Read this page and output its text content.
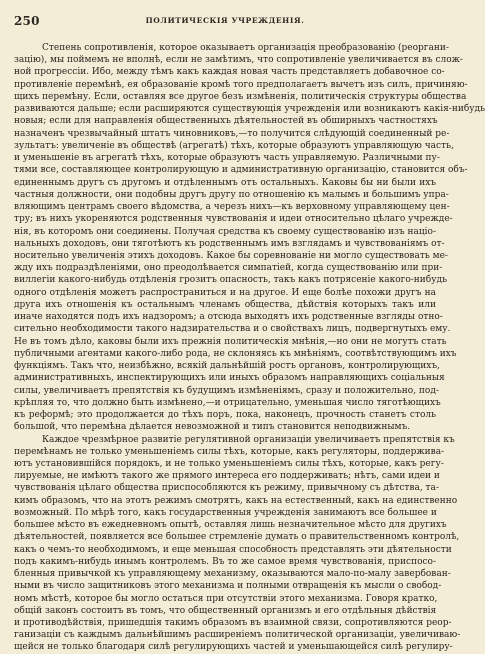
250	ПОЛИТИЧЕСКІЯ УЧРЕЖДЕНІЯ.
Степень сопротивленія, которое оказываетъ организація преобразованію (реоргани-
зацію), мы поймемъ не вполнѣ, если не замѣтимъ, что сопротивленіе увеличивается въ слож-
ной прогрессіи. Ибо, между тѣмъ какъ каждая новая часть представляетъ добавочное со-
противленіе перемѣнѣ, ея образованіе кромѣ того предполагаетъ вычетъ изъ силъ, причиняю-
щихъ перемѣну. Если, оставляя все другое безъ измѣненія, политическія структуры общества
развиваются дальше; если расширяются существующія учрежденія или возникаютъ какія-нибудь
новыя; если для направленія общественныхъ дѣятельностей въ обширныхъ частностяхъ
назначенъ чрезвычайный штатъ чиновниковъ,—то получится слѣдующій соединенный ре-
зультатъ: увеличеніе въ обществѣ (агрегатѣ) тѣхъ, которые образуютъ управляющую часть,
и уменьшеніе въ агрегатѣ тѣхъ, которые образуютъ часть управляемую. Различными пу-
тями все, составляющее контролирующую и административную организацію, становится объ-
единеннымъ другъ съ другомъ и отдѣленнымъ отъ остальныхъ. Каковы бы ни были ихъ
частныя должности, они подобны другъ другу по отношенію къ малымъ и большимъ упра-
вляющимъ центрамъ своего вѣдомства, а черезъ нихъ—къ верховному управляющему цен-
тру; въ нихъ укореняются родственныя чувствованія и идеи относительно цѣлаго учрежде-
нія, въ которомъ они соединены. Получая средства къ своему существованію изъ націо-
нальныхъ доходовъ, они тяготѣютъ къ родственнымъ имъ взглядамъ и чувствованіямъ от-
носительно увеличенія этихъ доходовъ. Какое бы соревнованіе ни могло существовать ме-
жду ихъ подраздѣленіями, оно преодолѣвается симпатіей, когда существованію или при-
виллегіи какого-нибудь отдѣленія грозитъ опасность, такъ какъ потрясеніе какого-нибудь
одного отдѣленія можетъ распространиться и на другое. И еще болѣе похожи другъ на
друга ихъ отношенія къ остальнымъ членамъ общества, дѣйствія которыхъ такъ или
иначе находятся подъ ихъ надзоромъ; а отсюда выходятъ ихъ родственные взгляды отно-
сительно необходимости такого надзирательства и о свойствахъ лицъ, подвергнутыхъ ему.
Не въ томъ дѣло, каковы были ихъ прежнія политическія мнѣнія,—но они не могутъ стать
публичными агентами какого-либо рода, не склоняясь къ мнѣніямъ, соотвѣтствующимъ ихъ
функціямъ. Такъ что, неизбѣжно, всякій дальнѣйшій ростъ органовъ, контролирующихъ,
административныхъ, инспектирующихъ или иныхъ образомъ направляющихъ соціальныя
силы, увеличиваетъ препятствія къ будущимъ измѣненіямъ, сразу и положительно, под-
крѣпляя то, что должно быть измѣнено,—и отрицательно, уменьшая число тяготѣющихъ
къ реформѣ; это продолжается до тѣхъ поръ, пока, наконецъ, прочность станетъ столь
большой, что перемѣна дѣлается невозможной и типъ становится неподвижнымъ.
Каждое чрезмѣрное развитіе регулятивной организаціи увеличиваетъ препятствія къ
перемѣнамъ не только уменьшеніемъ силы тѣхъ, которые, какъ регуляторы, поддержива-
ютъ установившійся порядокъ, и не только уменьшеніемъ силы тѣхъ, которые, какъ регу-
лируемые, не имѣютъ такого же прямого интереса его поддерживать; нѣтъ, сами идеи и
чувствованія цѣлаго общества приспособляются къ режиму, привычному съ дѣтства, та-
кимъ образомъ, что на этотъ режимъ смотрятъ, какъ на естественный, какъ на единственно
возможный. По мѣрѣ того, какъ государственныя учрежденія занимаютъ все большее и
большее мѣсто въ ежедневномъ опытѣ, оставляя лишь незначительное мѣсто для другихъ
дѣятельностей, появляется все большее стремленіе думать о правительственномъ контролѣ,
какъ о чемъ-то необходимомъ, и еще меньшая способность представлять эти дѣятельности
подъ какимъ-нибудь инымъ контролемъ. Въ то же самое время чувствованія, приспосо-
бленныя привычкой къ управляющему механизму, оказываются мало-по-малу завербован-
ными въ число защитниковъ этого механизма и полными отвращенія къ мысли о свобод-
номъ мѣстѣ, которое бы могло остаться при отсутствіи этого механизма. Говоря кратко,
общій законъ состоитъ въ томъ, что общественный организмъ и его отдѣльныя дѣйствія
и противодѣйствія, пришедшія такимъ образомъ въ взаимной связи, сопротивляются реор-
ганизаціи съ каждымъ дальнѣйшимъ расширеніемъ политической организаціи, увеличиваю-
щейся не только благодаря силѣ регулирующихъ частей и уменьшающейся силѣ регулиру-
